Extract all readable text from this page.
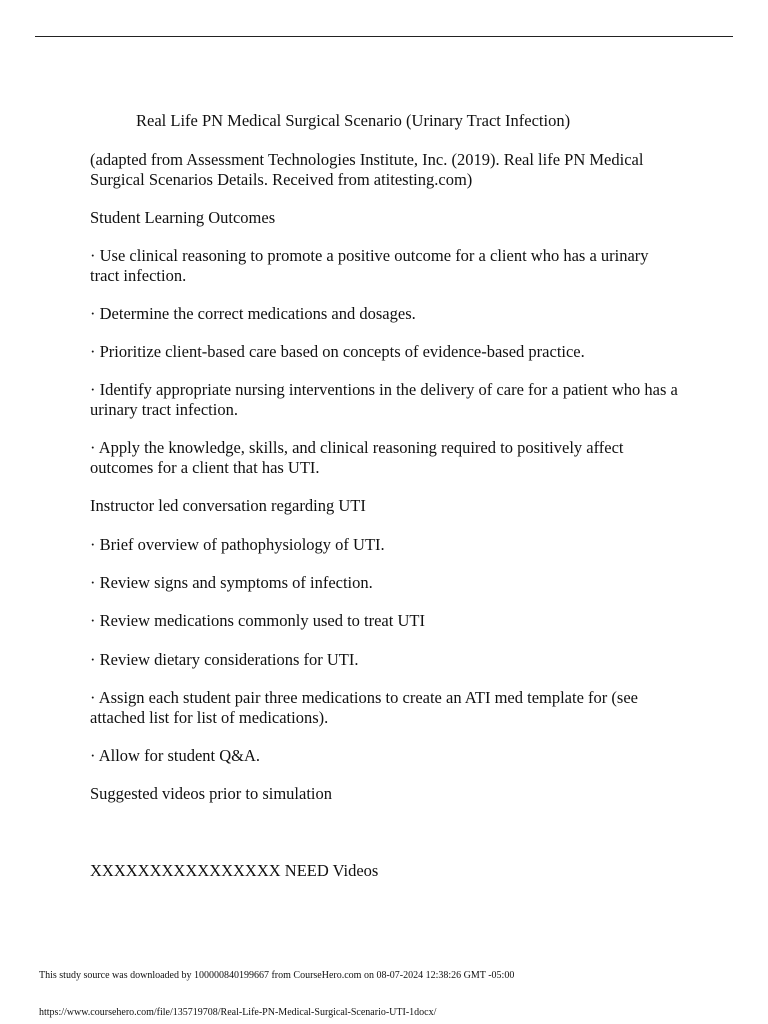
Real Life PN Medical Surgical Scenario (Urinary Tract Infection)
(adapted from Assessment Technologies Institute, Inc. (2019). Real life PN Medical Surgical Scenarios Details. Received from atitesting.com)
Student Learning Outcomes
· Use clinical reasoning to promote a positive outcome for a client who has a urinary tract infection.
· Determine the correct medications and dosages.
· Prioritize client-based care based on concepts of evidence-based practice.
· Identify appropriate nursing interventions in the delivery of care for a patient who has a urinary tract infection.
· Apply the knowledge, skills, and clinical reasoning required to positively affect outcomes for a client that has UTI.
Instructor led conversation regarding UTI
· Brief overview of pathophysiology of UTI.
· Review signs and symptoms of infection.
· Review medications commonly used to treat UTI
· Review dietary considerations for UTI.
· Assign each student pair three medications to create an ATI med template for (see attached list for list of medications).
· Allow for student Q&A.
Suggested videos prior to simulation
XXXXXXXXXXXXXXXX NEED Videos
This study source was downloaded by 100000840199667 from CourseHero.com on 08-07-2024 12:38:26 GMT -05:00
https://www.coursehero.com/file/135719708/Real-Life-PN-Medical-Surgical-Scenario-UTI-1docx/
